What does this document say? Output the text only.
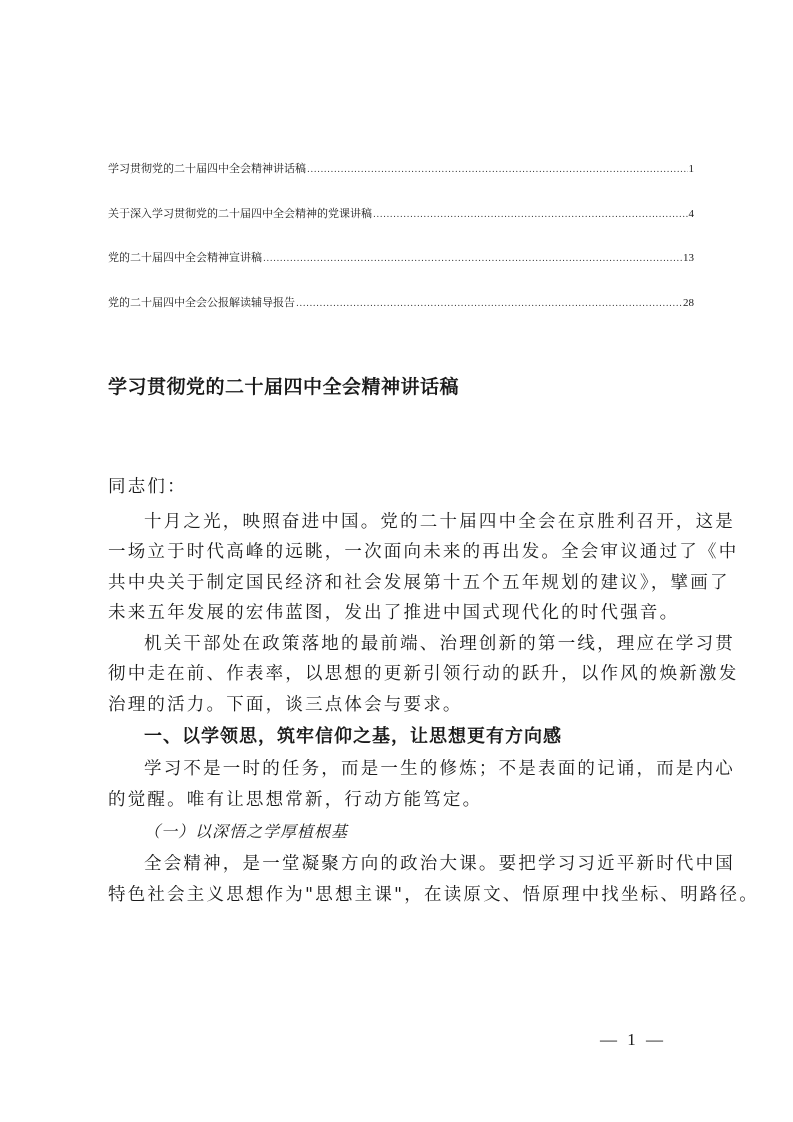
学习贯彻党的二十届四中全会精神讲话稿 .....	1
关于深入学习贯彻党的二十届四中全会精神的党课讲稿 .....	4
党的二十届四中全会精神宣讲稿 .....	13
党的二十届四中全会公报解读辅导报告 .....	28
学习贯彻党的二十届四中全会精神讲话稿
同志们：
十月之光，映照奋进中国。党的二十届四中全会在京胜利召开，这是
一场立于时代高峰的远眺，一次面向未来的再出发。全会审议通过了《中
共中央关于制定国民经济和社会发展第十五个五年规划的建议》，擘画了
未来五年发展的宏伟蓝图，发出了推进中国式现代化的时代强音。
机关干部处在政策落地的最前端、治理创新的第一线，理应在学习贯
彻中走在前、作表率，以思想的更新引领行动的跃升，以作风的焕新激发
治理的活力。下面，谈三点体会与要求。
一、以学领思，筑牢信仰之基，让思想更有方向感
学习不是一时的任务，而是一生的修炼；不是表面的记诵，而是内心
的觉醒。唯有让思想常新，行动方能笃定。
（一）以深悟之学厚植根基
全会精神，是一堂凝聚方向的政治大课。要把学习习近平新时代中国
特色社会主义思想作为"思想主课"，在读原文、悟原理中找坐标、明路径。
— 1 —
